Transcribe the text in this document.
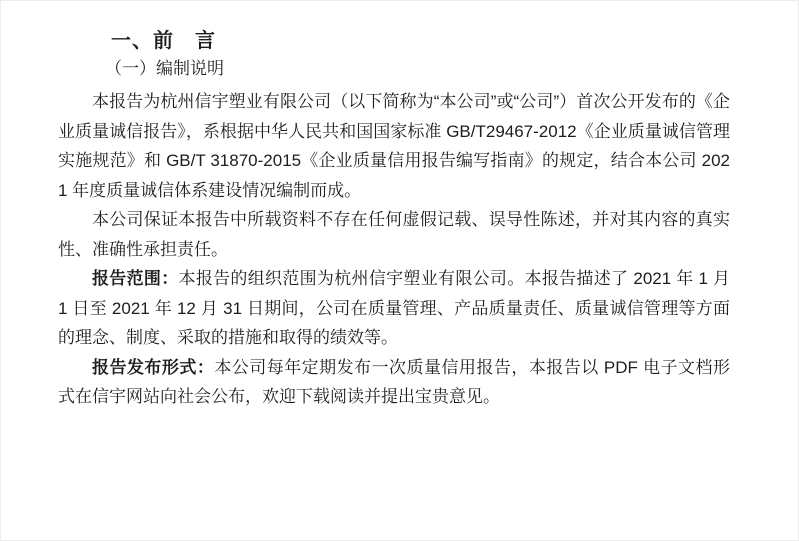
一、前　言
（一）编制说明

本报告为杭州信宇塑业有限公司（以下简称为“本公司”或“公司”）首次公开发布的《企业质量诚信报告》，系根据中华人民共和国国家标准 GB/T29467-2012《企业质量诚信管理实施规范》和 GB/T 31870-2015《企业质量信用报告编写指南》的规定，结合本公司 2021 年度质量诚信体系建设情况编制而成。

本公司保证本报告中所载资料不存在任何虚假记载、误导性陈述，并对其内容的真实性、准确性承担责任。

报告范围：本报告的组织范围为杭州信宇塑业有限公司。本报告描述了 2021 年 1 月 1 日至 2021 年 12 月 31 日期间，公司在质量管理、产品质量责任、质量诚信管理等方面的理念、制度、采取的措施和取得的绩效等。

报告发布形式：本公司每年定期发布一次质量信用报告，本报告以 PDF 电子文档形式在信宇网站向社会公布，欢迎下载阅读并提出宝贵意见。
